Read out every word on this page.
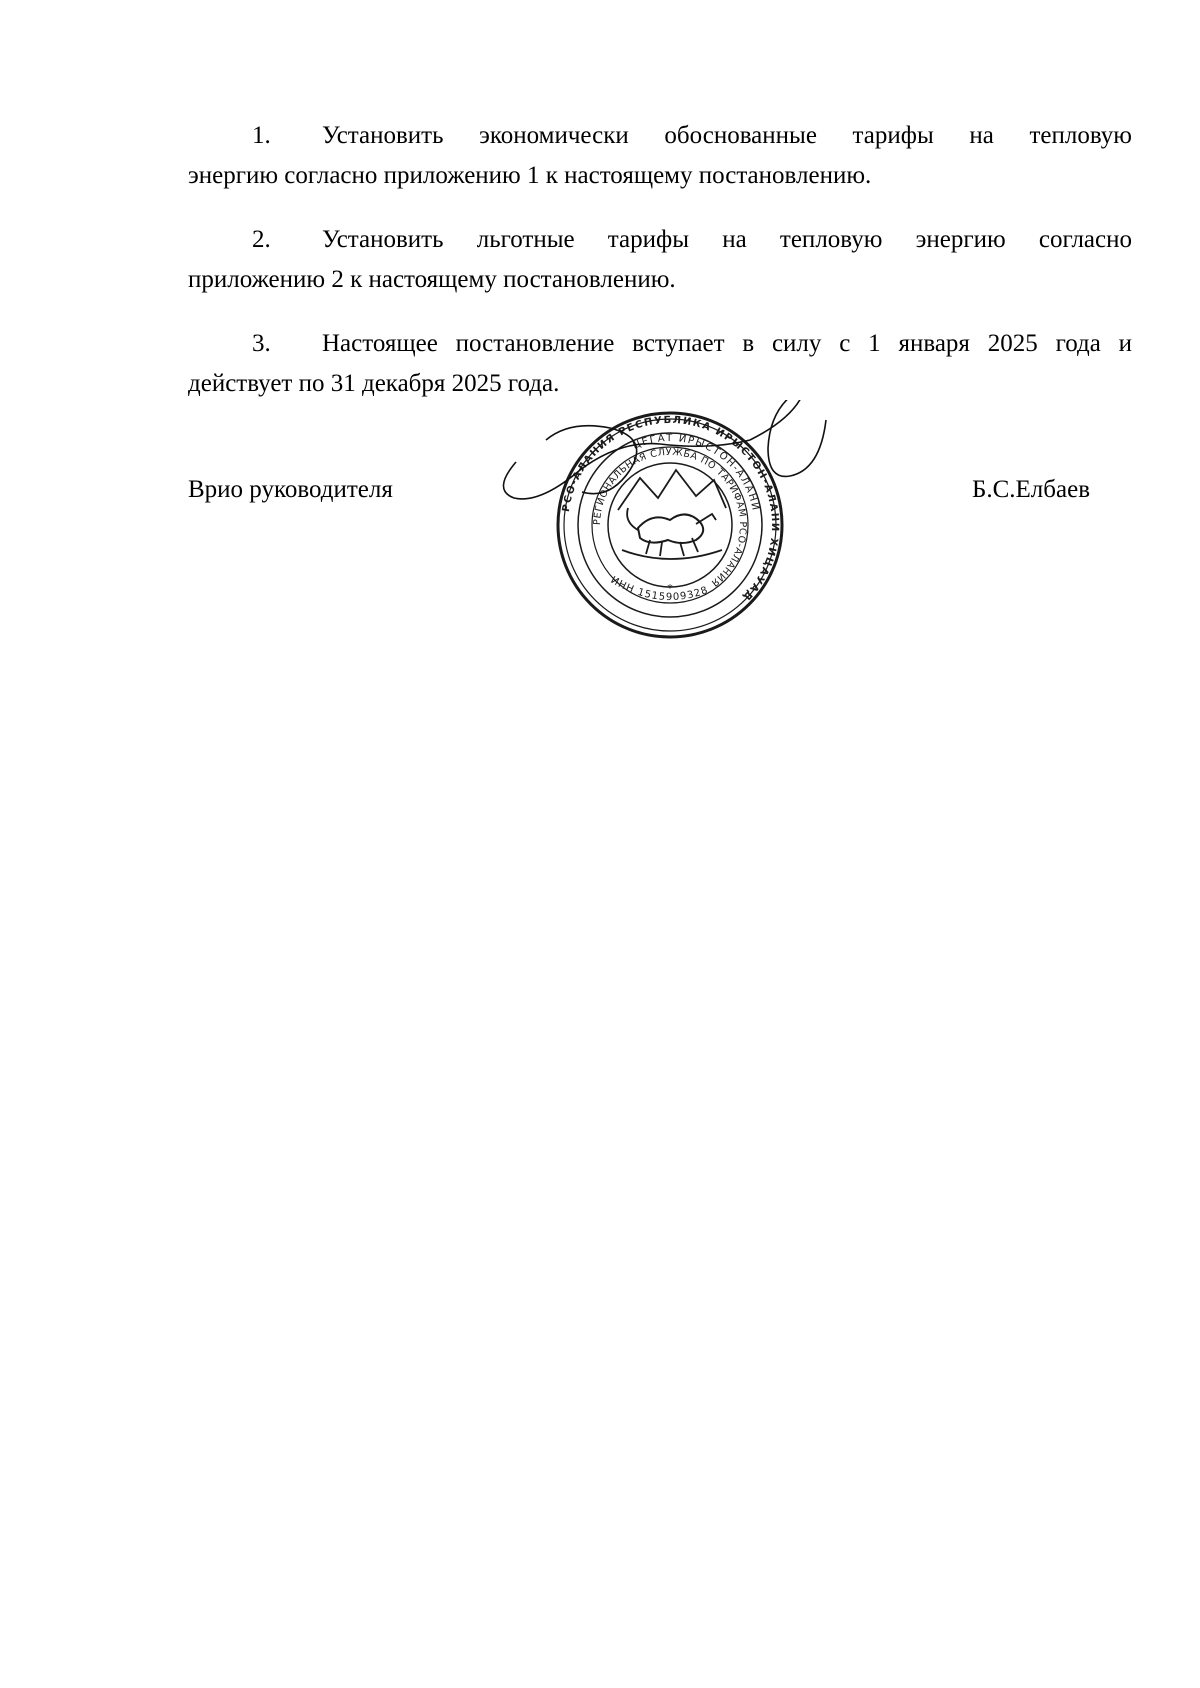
1. Установить экономически обоснованные тарифы на тепловую
энергию согласно приложению 1 к настоящему постановлению.
2. Установить льготные тарифы на тепловую энергию согласно
приложению 2 к настоящему постановлению.
3. Настоящее постановление вступает в силу с 1 января 2025 года и
действует по 31 декабря 2025 года.
Врио руководителя	Б.С.Елбаев
РСО-АЛАНИЯ РЕСПУБЛИКА ИРЫСТОН-АЛАНИ ХИЦАУАД
ЦЕГАТ ИРЫСТОН-АЛАНИ
РЕГИОНАЛЬНАЯ СЛУЖБА ПО ТАРИФАМ РСО-АЛАНИЯ
ИНН 1515909328
*
